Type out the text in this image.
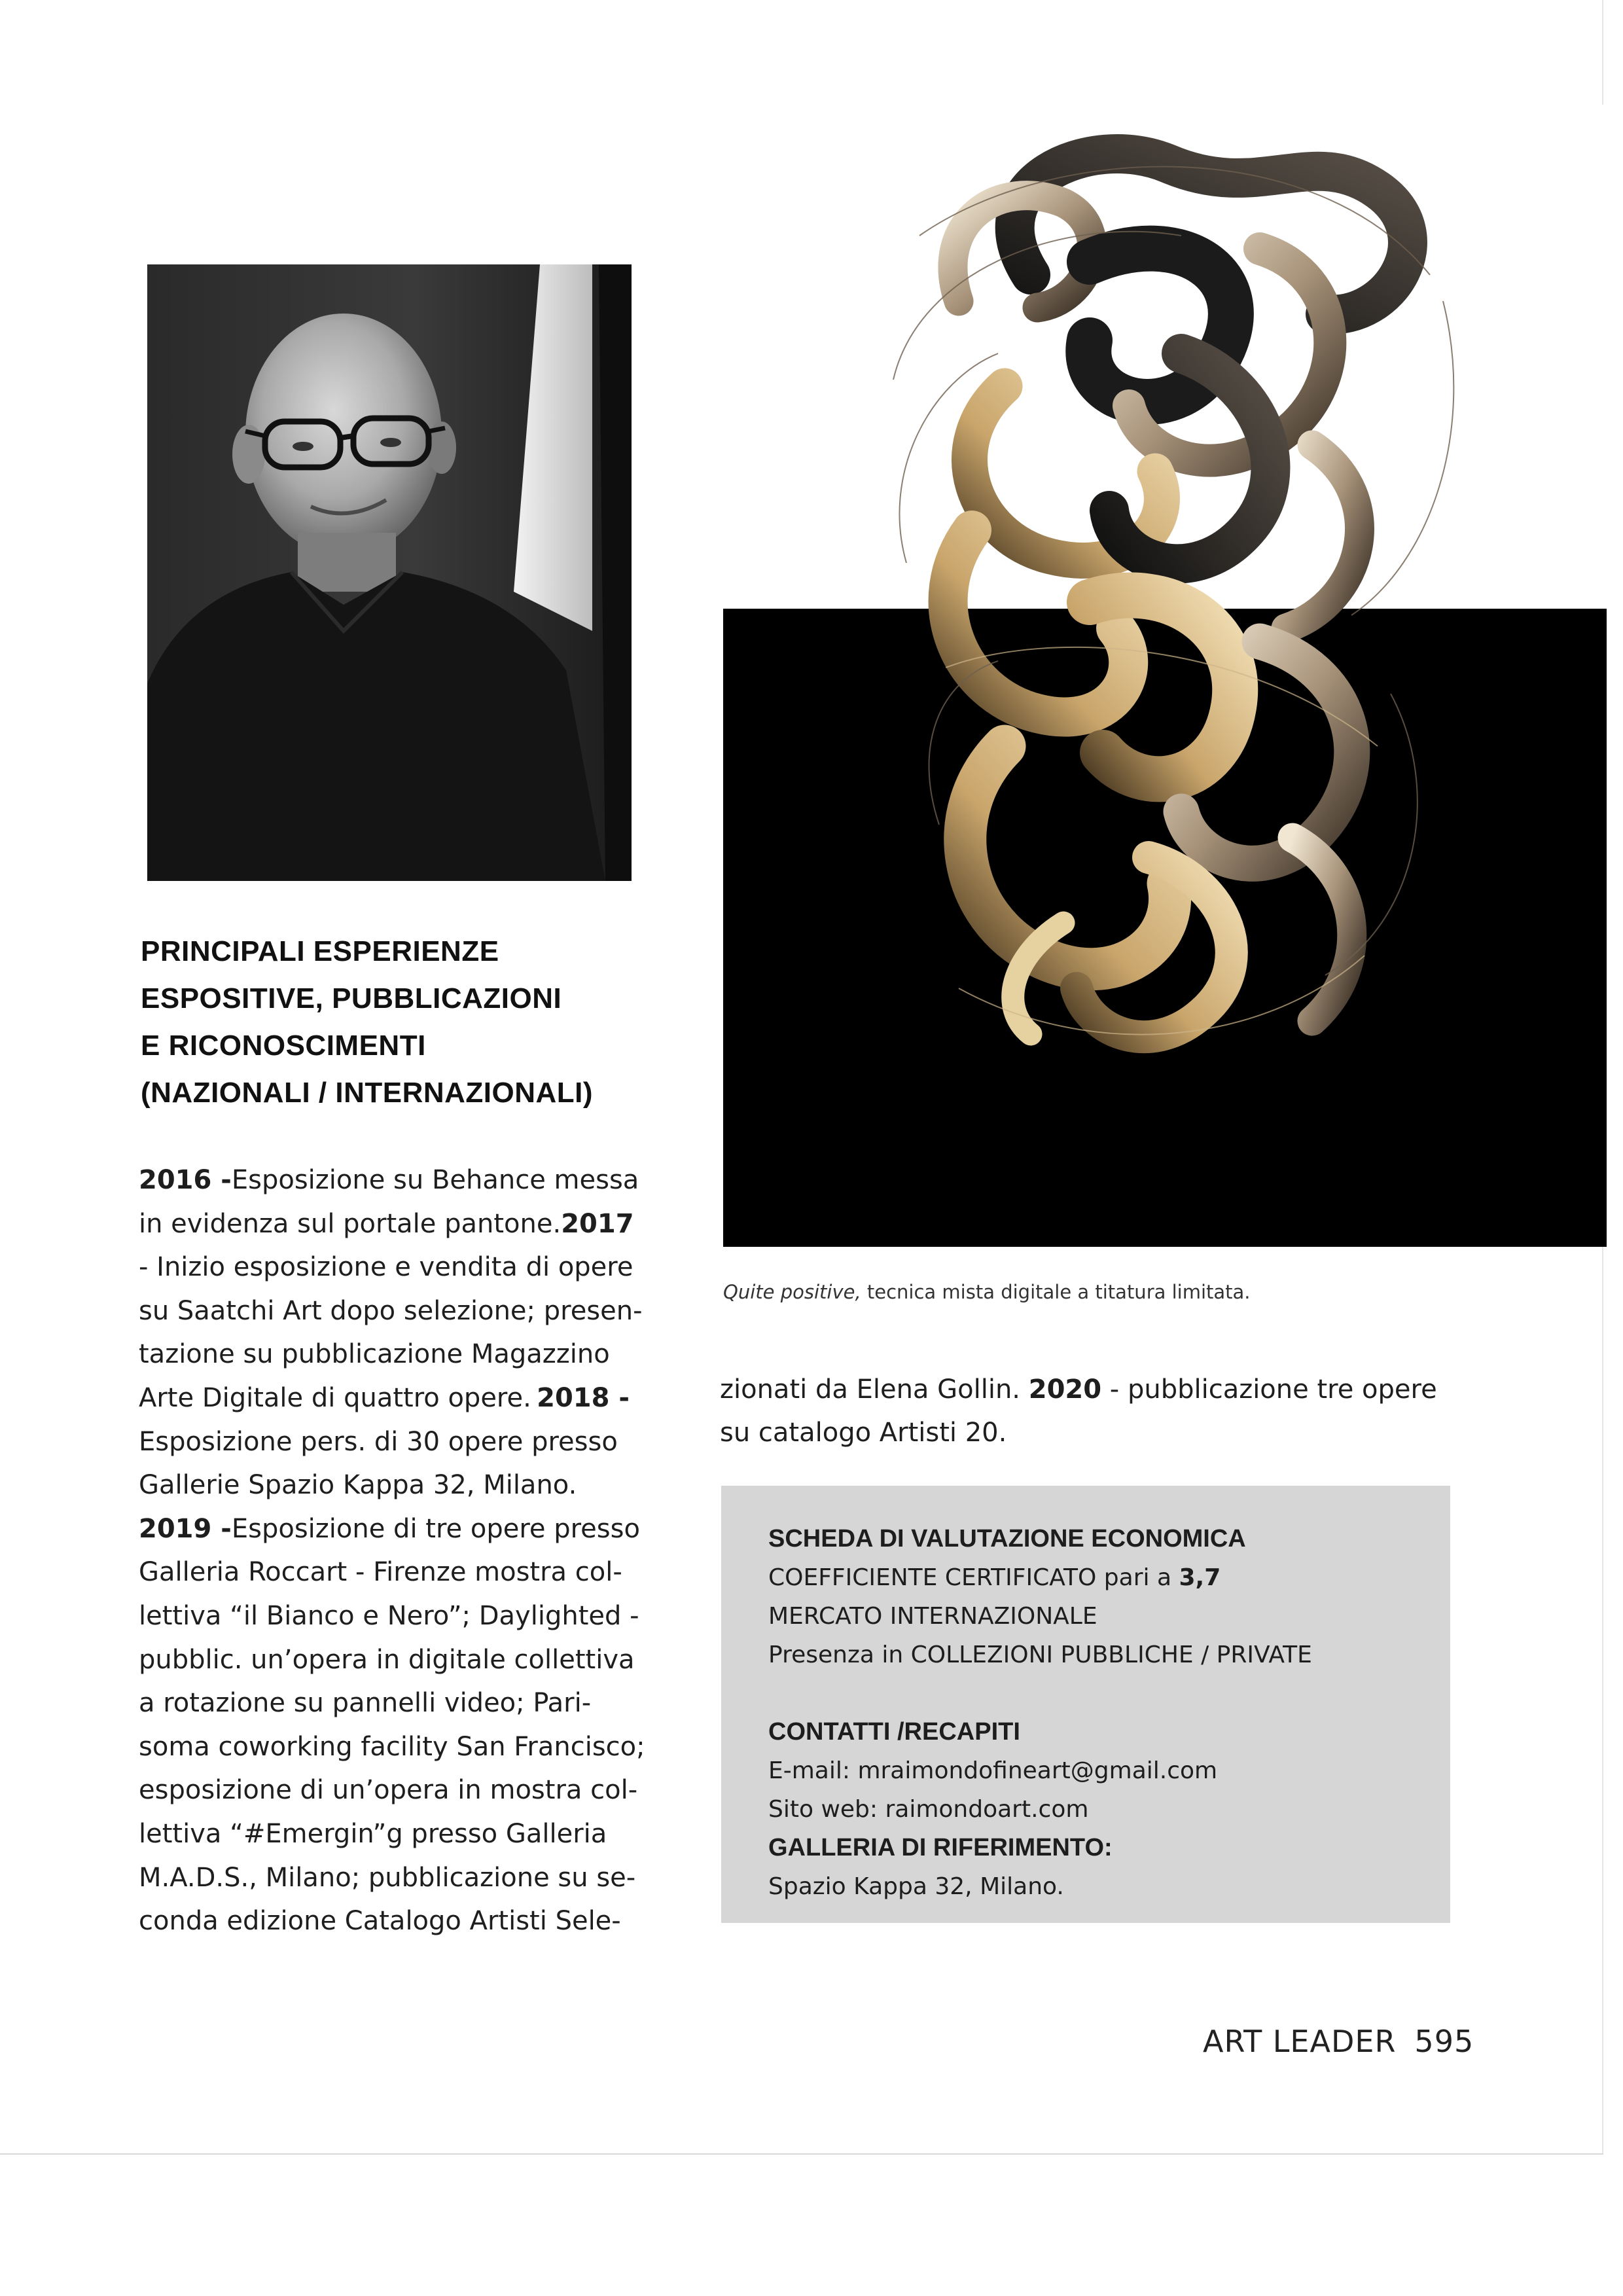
Quite positive, tecnica mista digitale a titatura limitata.
PRINCIPALI ESPERIENZE
ESPOSITIVE, PUBBLICAZIONI
E RICONOSCIMENTI
(NAZIONALI / INTERNAZIONALI)
2016 - Esposizione su Behance messa
in evidenza sul portale pantone. 2017
- Inizio esposizione e vendita di opere
su Saatchi Art dopo selezione; presen-
tazione su pubblicazione Magazzino
Arte Digitale di quattro opere. 2018 -
Esposizione pers. di 30 opere presso
Gallerie Spazio Kappa 32, Milano.
2019 - Esposizione di tre opere presso
Galleria Roccart - Firenze mostra col-
lettiva “il Bianco e Nero”; Daylighted -
pubblic. un’opera in digitale collettiva
a rotazione su pannelli video; Pari-
soma coworking facility San Francisco;
esposizione di un’opera in mostra col-
lettiva “#Emergin”g presso Galleria
M.A.D.S., Milano; pubblicazione su se-
conda edizione Catalogo Artisti Sele-
zionati da Elena Gollin. 2020 - pubblicazione tre opere
su catalogo Artisti 20.
SCHEDA DI VALUTAZIONE ECONOMICA
COEFFICIENTE CERTIFICATO pari a 3,7
MERCATO INTERNAZIONALE
Presenza in COLLEZIONI PUBBLICHE / PRIVATE
CONTATTI /RECAPITI
E-mail: mraimondofineart@gmail.com
Sito web: raimondoart.com
GALLERIA DI RIFERIMENTO:
Spazio Kappa 32, Milano.
ART LEADER 595
